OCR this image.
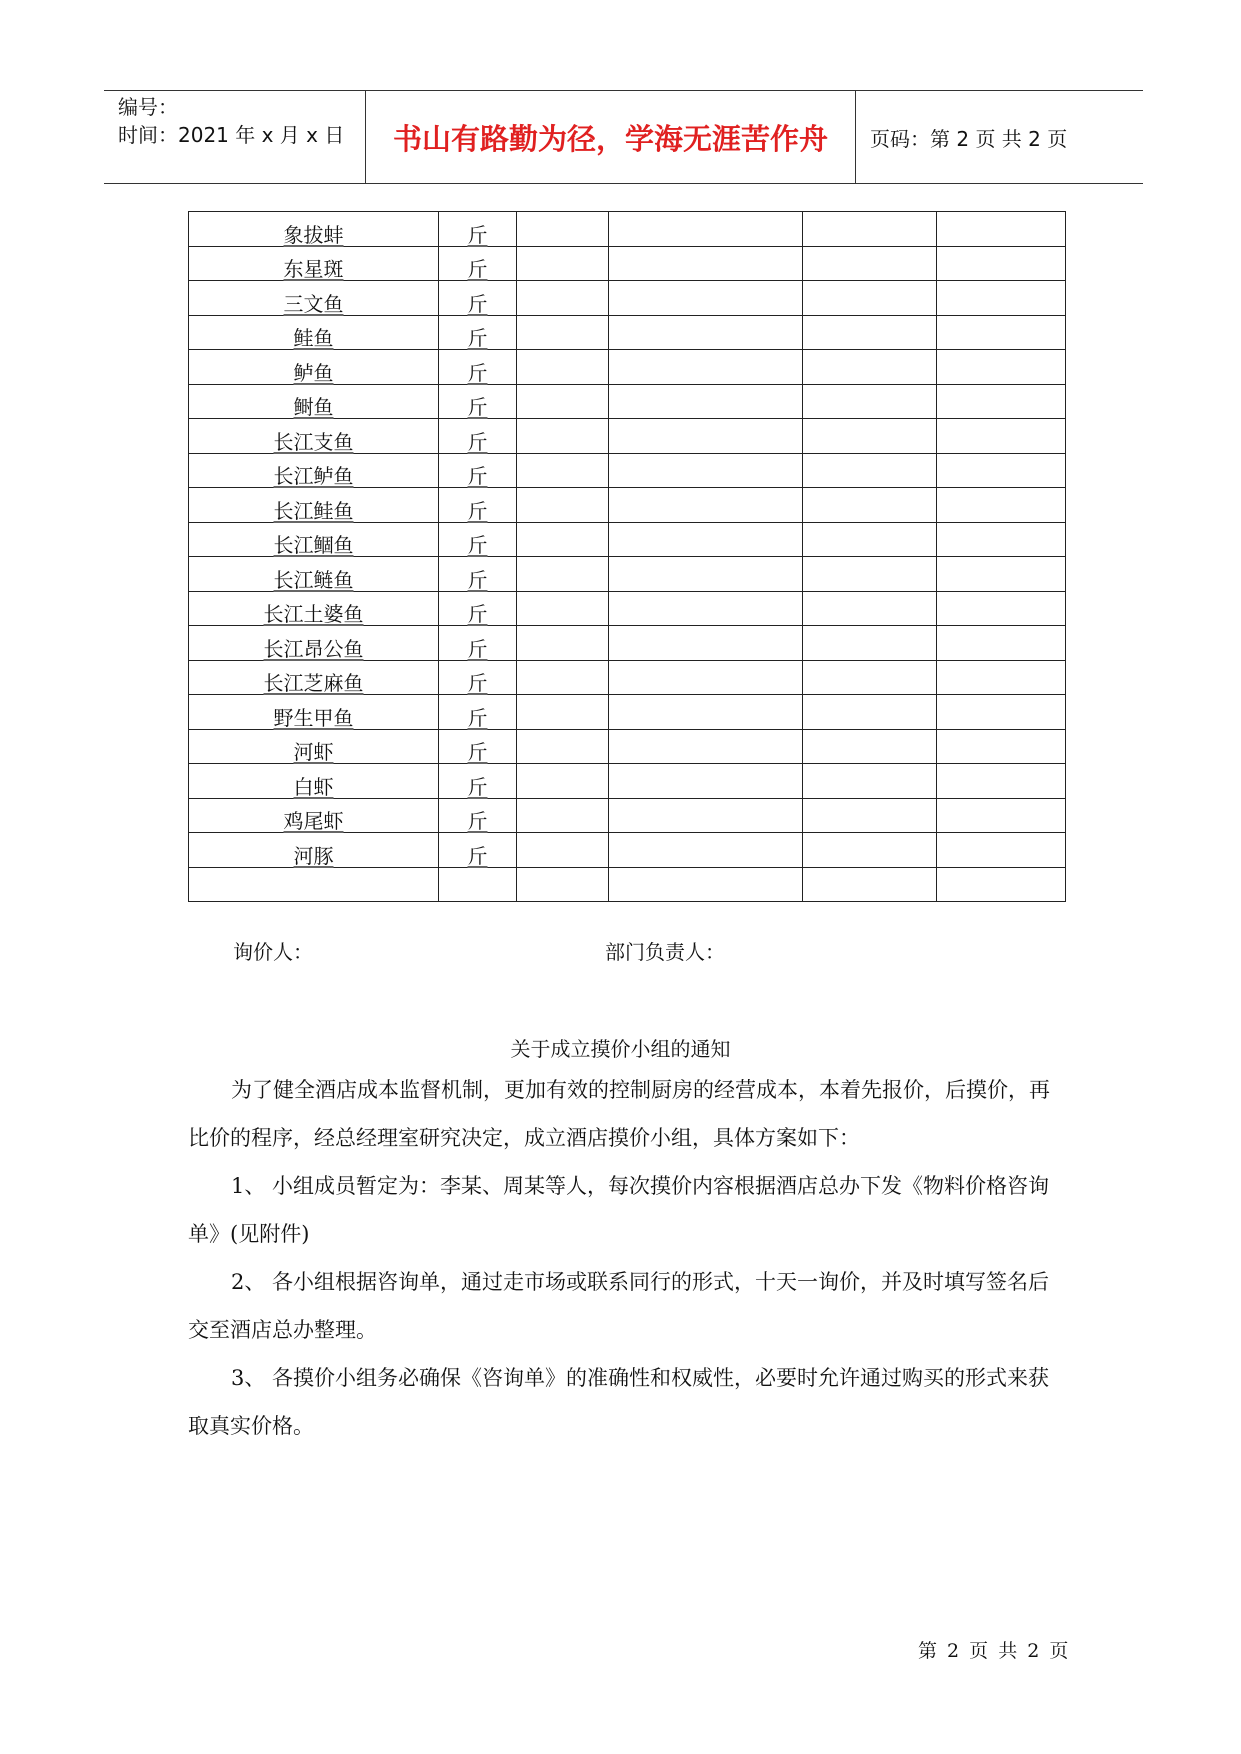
编号：
时间：2021 年 x 月 x 日	书山有路勤为径，学海无涯苦作舟	页码：第 2 页 共 2 页
象拔蚌	斤				
东星斑	斤				
三文鱼	斤				
鲑鱼	斤				
鲈鱼	斤				
鲥鱼	斤				
长江支鱼	斤				
长江鲈鱼	斤				
长江鲑鱼	斤				
长江鲴鱼	斤				
长江鲢鱼	斤				
长江土婆鱼	斤				
长江昂公鱼	斤				
长江芝麻鱼	斤				
野生甲鱼	斤				
河虾	斤				
白虾	斤				
鸡尾虾	斤				
河豚	斤				

询价人：	部门负责人：
关于成立摸价小组的通知

为了健全酒店成本监督机制，更加有效的控制厨房的经营成本，本着先报价，后摸价，再比价的程序，经总经理室研究决定，成立酒店摸价小组，具体方案如下：

1、 小组成员暂定为：李某、周某等人，每次摸价内容根据酒店总办下发《物料价格咨询单》(见附件)

2、 各小组根据咨询单，通过走市场或联系同行的形式，十天一询价，并及时填写签名后交至酒店总办整理。

3、 各摸价小组务必确保《咨询单》的准确性和权威性，必要时允许通过购买的形式来获取真实价格。

第 2 页 共 2 页
